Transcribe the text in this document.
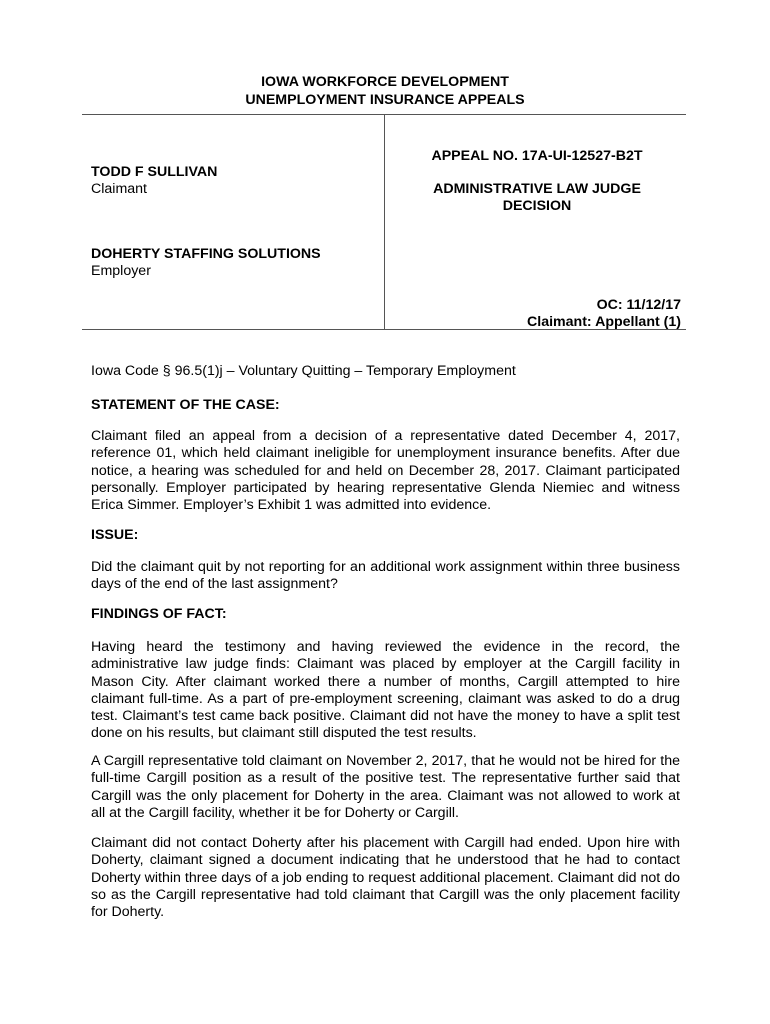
IOWA WORKFORCE DEVELOPMENT
UNEMPLOYMENT INSURANCE APPEALS
TODD F SULLIVAN
Claimant
DOHERTY STAFFING SOLUTIONS
Employer
APPEAL NO. 17A-UI-12527-B2T
ADMINISTRATIVE LAW JUDGE
DECISION
OC: 11/12/17
Claimant: Appellant (1)
Iowa Code § 96.5(1)j – Voluntary Quitting – Temporary Employment
STATEMENT OF THE CASE:
Claimant filed an appeal from a decision of a representative dated December 4, 2017, reference 01, which held claimant ineligible for unemployment insurance benefits. After due notice, a hearing was scheduled for and held on December 28, 2017. Claimant participated personally. Employer participated by hearing representative Glenda Niemiec and witness Erica Simmer. Employer’s Exhibit 1 was admitted into evidence.
ISSUE:
Did the claimant quit by not reporting for an additional work assignment within three business days of the end of the last assignment?
FINDINGS OF FACT:
Having heard the testimony and having reviewed the evidence in the record, the administrative law judge finds: Claimant was placed by employer at the Cargill facility in Mason City. After claimant worked there a number of months, Cargill attempted to hire claimant full-time. As a part of pre-employment screening, claimant was asked to do a drug test. Claimant’s test came back positive. Claimant did not have the money to have a split test done on his results, but claimant still disputed the test results.
A Cargill representative told claimant on November 2, 2017, that he would not be hired for the full-time Cargill position as a result of the positive test. The representative further said that Cargill was the only placement for Doherty in the area. Claimant was not allowed to work at all at the Cargill facility, whether it be for Doherty or Cargill.
Claimant did not contact Doherty after his placement with Cargill had ended. Upon hire with Doherty, claimant signed a document indicating that he understood that he had to contact Doherty within three days of a job ending to request additional placement. Claimant did not do so as the Cargill representative had told claimant that Cargill was the only placement facility for Doherty.
